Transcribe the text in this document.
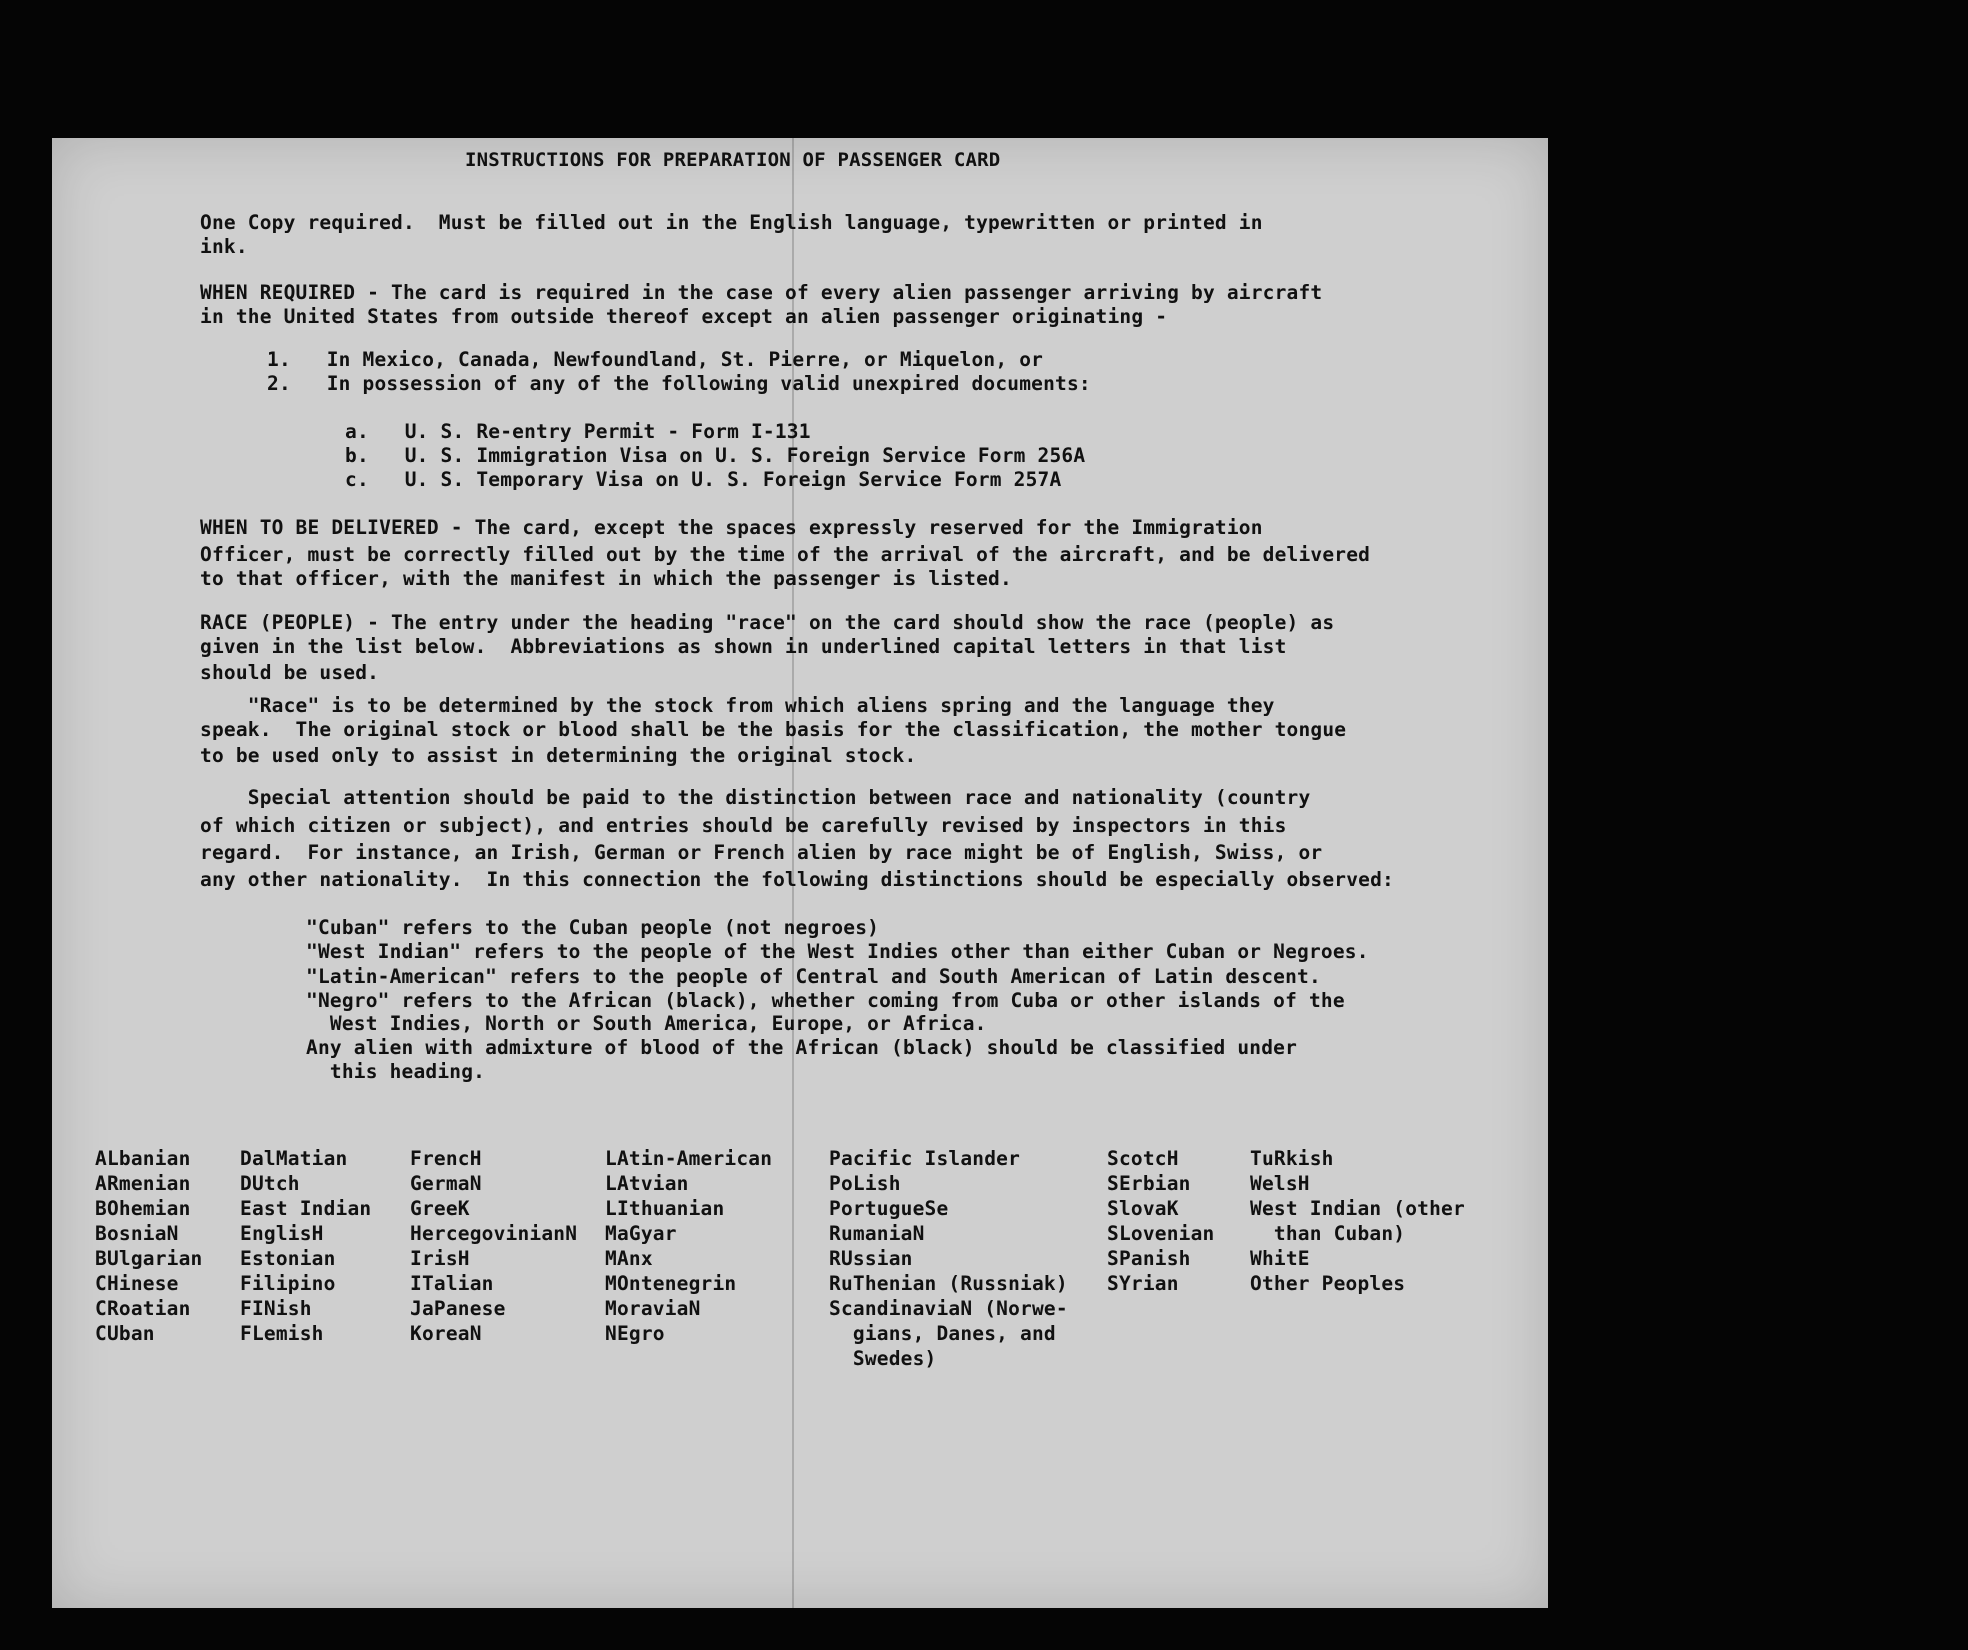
INSTRUCTIONS FOR PREPARATION OF PASSENGER CARD
One Copy required.  Must be filled out in the English language, typewritten or printed in
ink.
WHEN REQUIRED - The card is required in the case of every alien passenger arriving by aircraft
in the United States from outside thereof except an alien passenger originating -
1.   In Mexico, Canada, Newfoundland, St. Pierre, or Miquelon, or
2.   In possession of any of the following valid unexpired documents:
a.   U. S. Re-entry Permit - Form I-131
b.   U. S. Immigration Visa on U. S. Foreign Service Form 256A
c.   U. S. Temporary Visa on U. S. Foreign Service Form 257A
WHEN TO BE DELIVERED - The card, except the spaces expressly reserved for the Immigration
Officer, must be correctly filled out by the time of the arrival of the aircraft, and be delivered
to that officer, with the manifest in which the passenger is listed.
RACE (PEOPLE) - The entry under the heading "race" on the card should show the race (people) as
given in the list below.  Abbreviations as shown in underlined capital letters in that list
should be used.
"Race" is to be determined by the stock from which aliens spring and the language they
speak.  The original stock or blood shall be the basis for the classification, the mother tongue
to be used only to assist in determining the original stock.
Special attention should be paid to the distinction between race and nationality (country
of which citizen or subject), and entries should be carefully revised by inspectors in this
regard.  For instance, an Irish, German or French alien by race might be of English, Swiss, or
any other nationality.  In this connection the following distinctions should be especially observed:
"Cuban" refers to the Cuban people (not negroes)
"West Indian" refers to the people of the West Indies other than either Cuban or Negroes.
"Latin-American" refers to the people of Central and South American of Latin descent.
"Negro" refers to the African (black), whether coming from Cuba or other islands of the
West Indies, North or South America, Europe, or Africa.
Any alien with admixture of blood of the African (black) should be classified under
this heading.
ALbanian
ARmenian
BOhemian
BosniaN
BUlgarian
CHinese
CRoatian
CUban
DalMatian
DUtch
East Indian
EnglisH
Estonian
Filipino
FINish
FLemish
FrencH
GermaN
GreeK
HercegovinianN
IrisH
ITalian
JaPanese
KoreaN
LAtin-American
LAtvian
LIthuanian
MaGyar
MAnx
MOntenegrin
MoraviaN
NEgro
Pacific Islander
PoLish
PortugueSe
RumaniaN
RUssian
RuThenian (Russniak)
ScandinaviaN (Norwe-
gians, Danes, and
Swedes)
ScotcH
SErbian
SlovaK
SLovenian
SPanish
SYrian
TuRkish
WelsH
West Indian (other
than Cuban)
WhitE
Other Peoples
